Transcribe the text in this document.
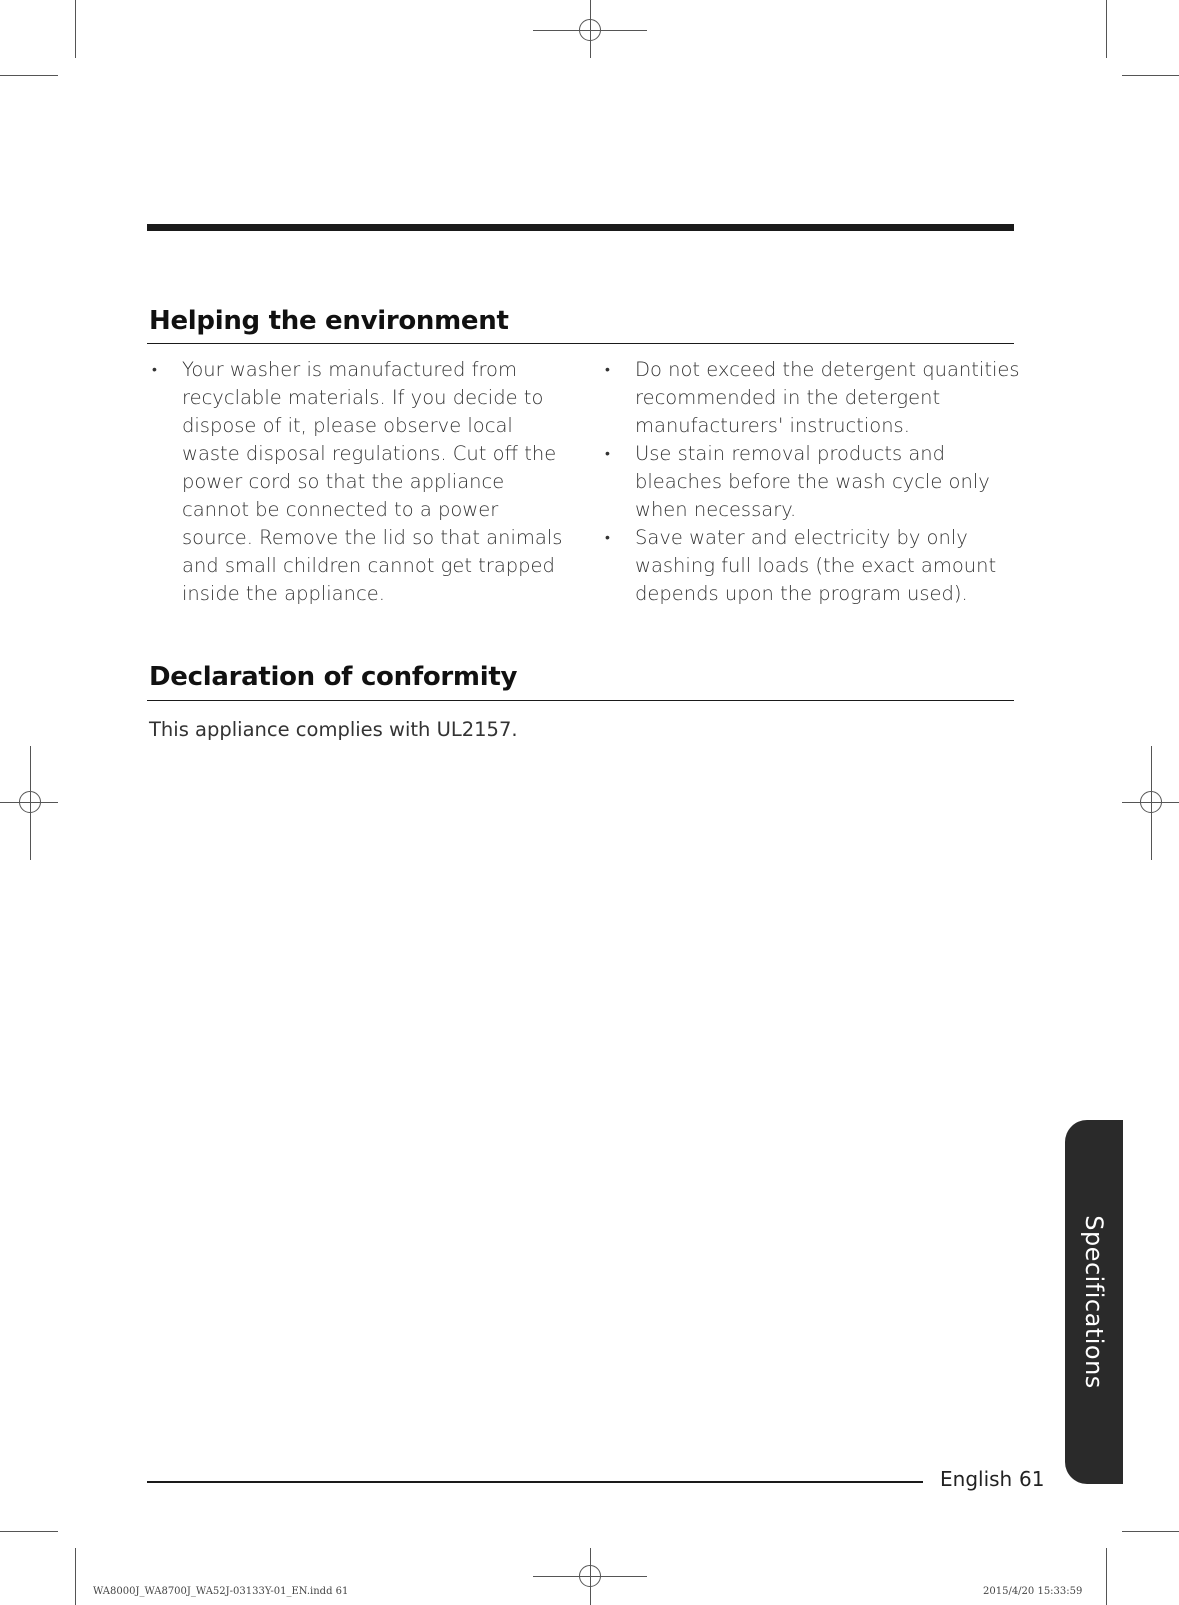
Helping the environment
• Your washer is manufactured from recyclable materials. If you decide to dispose of it, please observe local waste disposal regulations. Cut off the power cord so that the appliance cannot be connected to a power source. Remove the lid so that animals and small children cannot get trapped inside the appliance.
• Do not exceed the detergent quantities recommended in the detergent manufacturers' instructions.
• Use stain removal products and bleaches before the wash cycle only when necessary.
• Save water and electricity by only washing full loads (the exact amount depends upon the program used).
Declaration of conformity

This appliance complies with UL2157.

Specifications
English 61
WA8000J_WA8700J_WA52J-03133Y-01_EN.indd 61	2015/4/20 15:33:59
